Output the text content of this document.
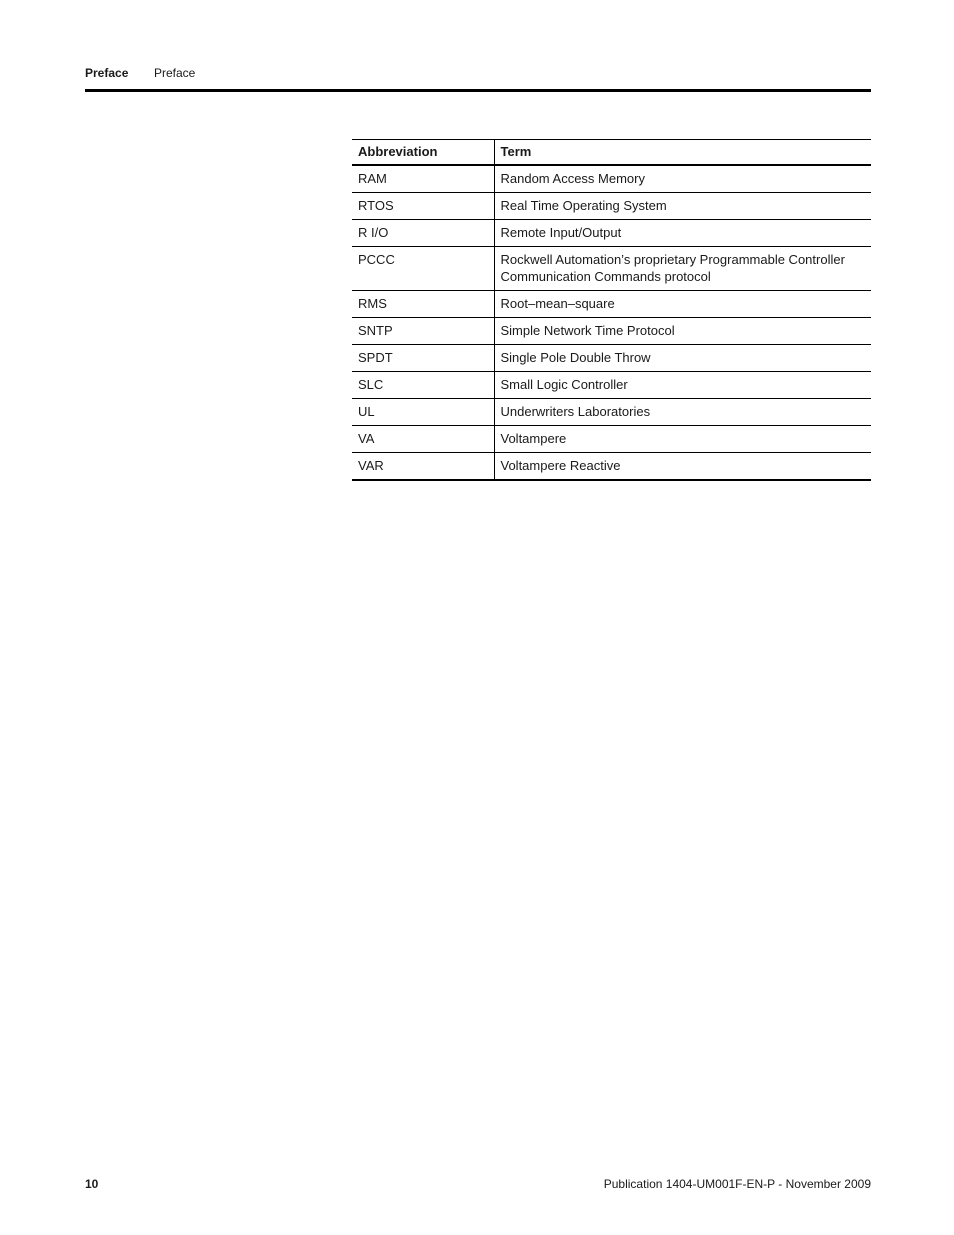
Preface Preface
Abbreviation	Term
RAM	Random Access Memory
RTOS	Real Time Operating System
R I/O	Remote Input/Output
PCCC	Rockwell Automation’s proprietary Programmable Controller Communication Commands protocol
RMS	Root–mean–square
SNTP	Simple Network Time Protocol
SPDT	Single Pole Double Throw
SLC	Small Logic Controller
UL	Underwriters Laboratories
VA	Voltampere
VAR	Voltampere Reactive
10	Publication 1404-UM001F-EN-P - November 2009
